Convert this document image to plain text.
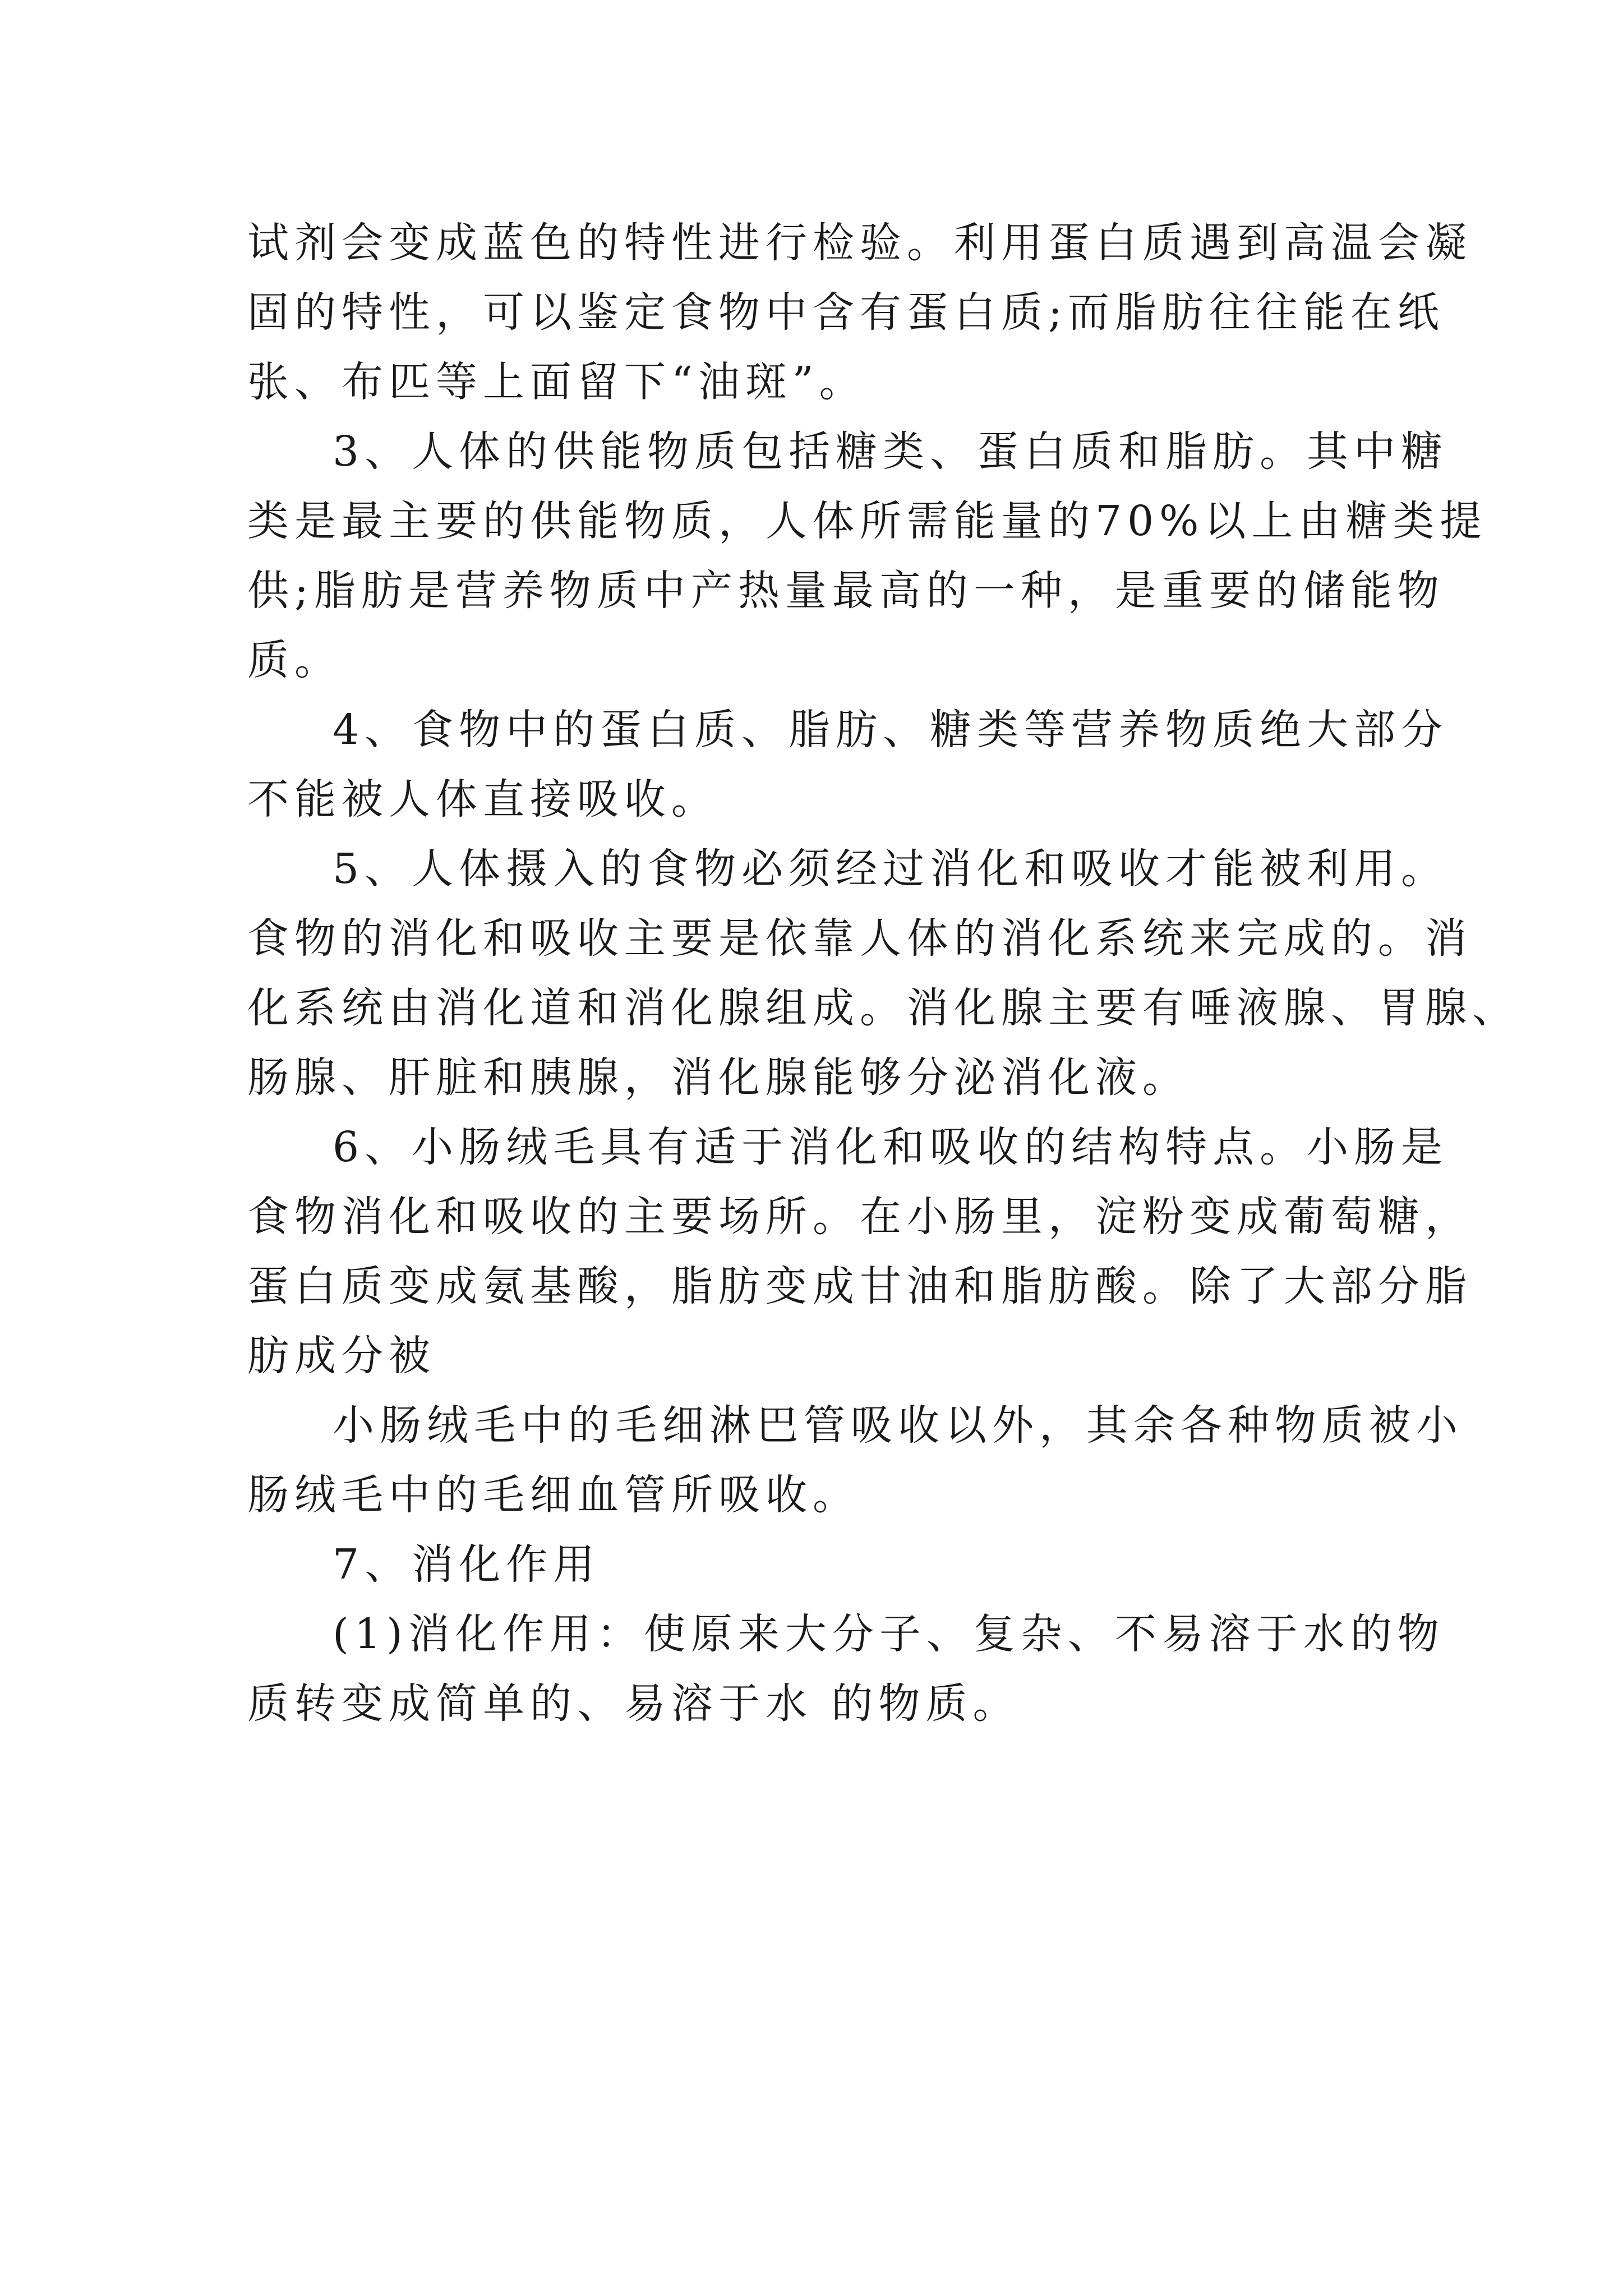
试剂会变成蓝色的特性进行检验。利用蛋白质遇到高温会凝
固的特性，可以鉴定食物中含有蛋白质;而脂肪往往能在纸
张、布匹等上面留下“油斑”。
3、人体的供能物质包括糖类、蛋白质和脂肪。其中糖
类是最主要的供能物质，人体所需能量的70%以上由糖类提
供;脂肪是营养物质中产热量最高的一种，是重要的储能物
质。
4、食物中的蛋白质、脂肪、糖类等营养物质绝大部分
不能被人体直接吸收。
5、人体摄入的食物必须经过消化和吸收才能被利用。
食物的消化和吸收主要是依靠人体的消化系统来完成的。消
化系统由消化道和消化腺组成。消化腺主要有唾液腺、胃腺、
肠腺、肝脏和胰腺，消化腺能够分泌消化液。
6、小肠绒毛具有适于消化和吸收的结构特点。小肠是
食物消化和吸收的主要场所。在小肠里，淀粉变成葡萄糖，
蛋白质变成氨基酸，脂肪变成甘油和脂肪酸。除了大部分脂
肪成分被
小肠绒毛中的毛细淋巴管吸收以外，其余各种物质被小
肠绒毛中的毛细血管所吸收。
7、消化作用
(1)消化作用：使原来大分子、复杂、不易溶于水的物
质转变成简单的、易溶于水 的物质。
